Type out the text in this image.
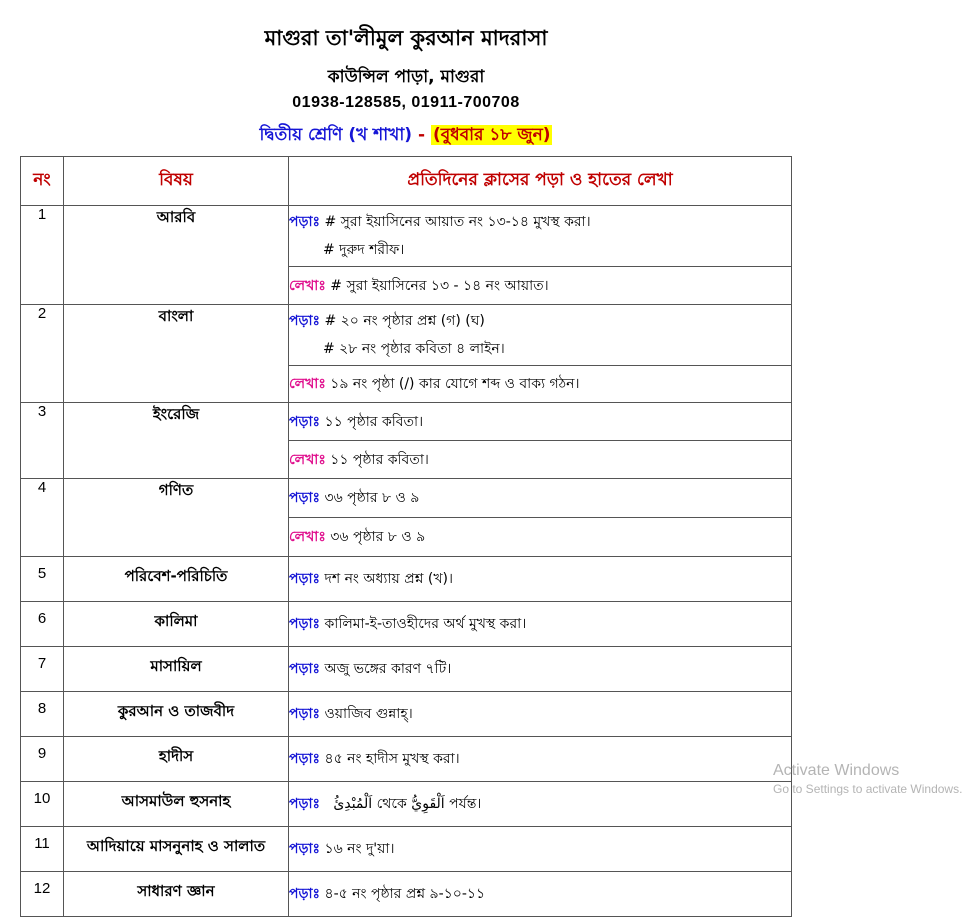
মাগুরা তা'লীমুল কুরআন মাদরাসা
কাউন্সিল পাড়া, মাগুরা
01938-128585, 01911-700708
দ্বিতীয় শ্রেণি (খ শাখা) - (বুধবার ১৮ জুন)
নং	বিষয়	প্রতিদিনের ক্লাসের পড়া ও হাতের লেখা
1	আরবি	পড়াঃ # সুরা ইয়াসিনের আয়াত নং ১৩-১৪ মুখস্থ করা।
# দুরুদ শরীফ।

		লেখাঃ # সুরা ইয়াসিনের ১৩ - ১৪ নং আয়াত।
2	বাংলা	পড়াঃ # ২০ নং পৃষ্ঠার প্রশ্ন (গ) (ঘ)
# ২৮ নং পৃষ্ঠার কবিতা ৪ লাইন।

		লেখাঃ ১৯ নং পৃষ্ঠা (/) কার যোগে শব্দ ও বাক্য গঠন।
3	ইংরেজি	পড়াঃ ১১ পৃষ্ঠার কবিতা।
		লেখাঃ ১১ পৃষ্ঠার কবিতা।
4	গণিত	পড়াঃ ৩৬ পৃষ্ঠার ৮ ও ৯
		লেখাঃ ৩৬ পৃষ্ঠার ৮ ও ৯
5	পরিবেশ-পরিচিতি	পড়াঃ দশ নং অধ্যায় প্রশ্ন (খ)।
6	কালিমা	পড়াঃ কালিমা-ই-তাওহীদের অর্থ মুখস্থ করা।
7	মাসায়িল	পড়াঃ অজু ভঙ্গের কারণ ৭টি।
8	কুরআন ও তাজবীদ	পড়াঃ ওয়াজিব গুন্নাহ্।
9	হাদীস	পড়াঃ ৪৫ নং হাদীস মুখস্থ করা।
10	আসমাউল হুসনাহ	পড়াঃ   اَلْمُبْدِئُ থেকে اَلْقَوِيُّ পর্যন্ত।
11	আদিয়ায়ে মাসনুনাহ ও সালাত	পড়াঃ ১৬ নং দু'য়া।
12	সাধারণ জ্ঞান	পড়াঃ ৪-৫ নং পৃষ্ঠার প্রশ্ন ৯-১০-১১
Activate Windows
Go to Settings to activate Windows.
